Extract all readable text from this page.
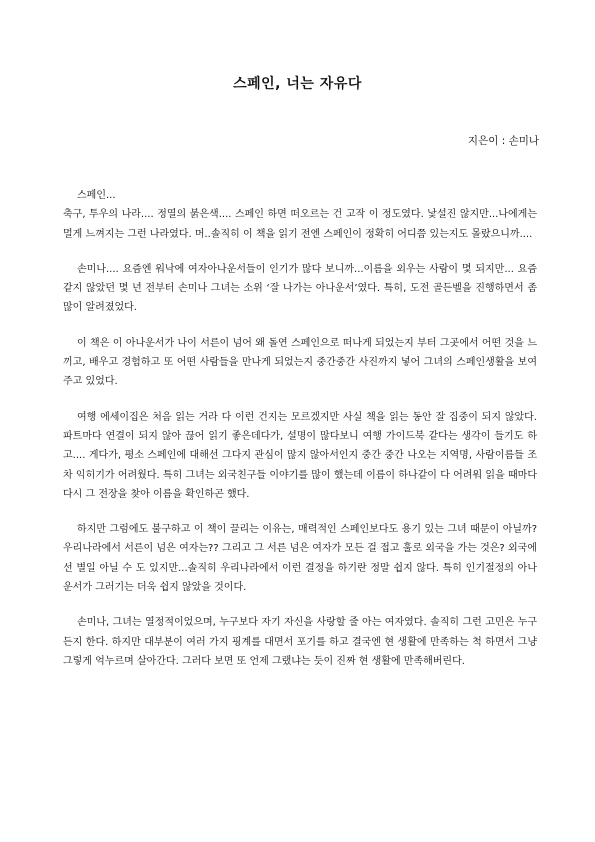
스페인, 너는 자유다
지은이 : 손미나

스페인...
축구, 투우의 나라.... 정열의 붉은색.... 스페인 하면 떠오르는 건 고작 이 정도였다. 낯설진 않지만...나에게는 멀게 느껴지는 그런 나라였다. 머..솔직히 이 책을 읽기 전엔 스페인이 정확히 어디쯤 있는지도 몰랐으니까....

손미나.... 요즘엔 워낙에 여자아나운서들이 인기가 많다 보니까...이름을 외우는 사람이 몇 되지만... 요즘 같지 않았던 몇 년 전부터 손미나 그녀는 소위 ‘잘 나가는 아나운서’였다. 특히, 도전 골든벨을 진행하면서 좀 많이 알려졌었다.

이 책은 이 아나운서가 나이 서른이 넘어 왜 돌연 스페인으로 떠나게 되었는지 부터 그곳에서 어떤 것을 느끼고, 배우고 경험하고 또 어떤 사람들을 만나게 되었는지 중간중간 사진까지 넣어 그녀의 스페인생활을 보여 주고 있었다.

여행 에세이집은 처음 읽는 거라 다 이런 건지는 모르겠지만 사실 책을 읽는 동안 잘 집중이 되지 않았다. 파트마다 연결이 되지 않아 끊어 읽기 좋은데다가, 설명이 많다보니 여행 가이드북 같다는 생각이 들기도 하고.... 게다가, 평소 스페인에 대해선 그다지 관심이 많지 않아서인지 중간 중간 나오는 지역명, 사람이름들 조차 익히기가 어려웠다. 특히 그녀는 외국친구들 이야기를 많이 했는데 이름이 하나같이 다 어려워 읽을 때마다 다시 그 전장을 찾아 이름을 확인하곤 했다.

하지만 그럼에도 불구하고 이 책이 끌리는 이유는, 매력적인 스페인보다도 용기 있는 그녀 때문이 아닐까? 우리나라에서 서른이 넘은 여자는?? 그리고 그 서른 넘은 여자가 모든 걸 접고 훌로 외국을 가는 것은? 외국에선 별일 아닐 수 도 있지만...솔직히 우리나라에서 이런 결정을 하기란 정말 쉽지 않다. 특히 인기절정의 아나운서가 그러기는 더욱 쉽지 않았을 것이다.

손미나, 그녀는 열정적이었으며, 누구보다 자기 자신을 사랑할 줄 아는 여자였다. 솔직히 그런 고민은 누구든지 한다. 하지만 대부분이 여러 가지 핑계를 대면서 포기를 하고 결국엔 현 생활에 만족하는 척 하면서 그냥 그렇게 억누르며 살아간다. 그러다 보면 또 언제 그랬냐는 듯이 진짜 현 생활에 만족해버린다.
